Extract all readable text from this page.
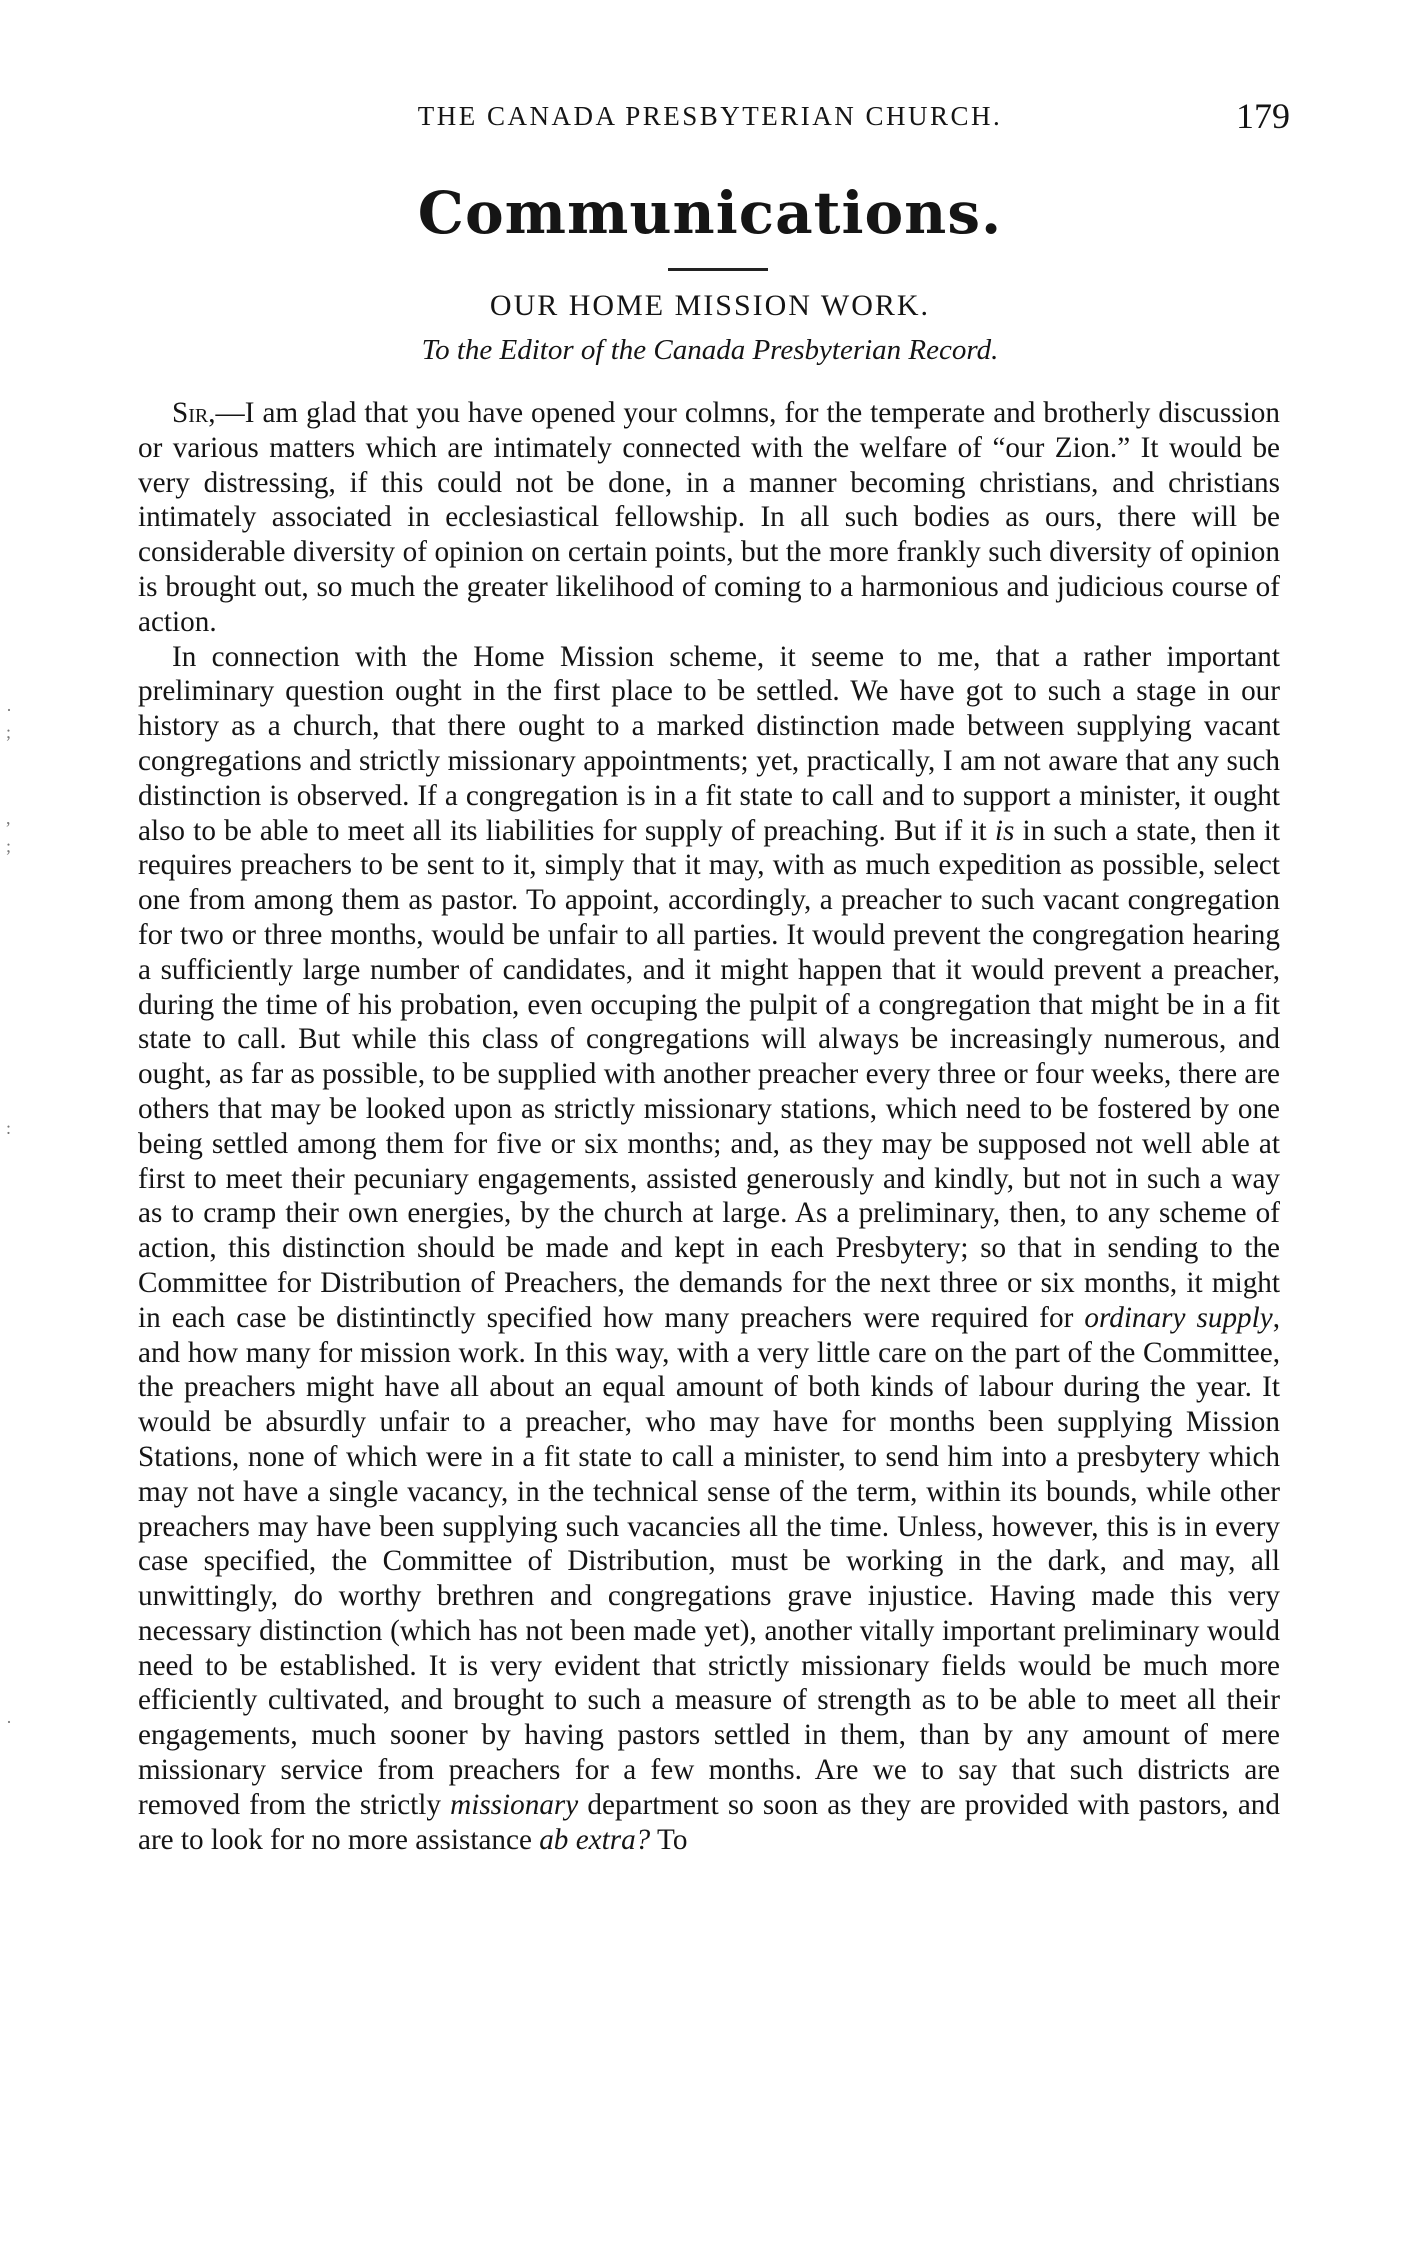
·
;
,
;
:
·
THE CANADA PRESBYTERIAN CHURCH.	179
Communications.
OUR HOME MISSION WORK.
To the Editor of the Canada Presbyterian Record.

Sir,—I am glad that you have opened your colmns, for the temperate and brotherly discussion or various matters which are intimately connected with the welfare of “our Zion.” It would be very distressing, if this could not be done, in a manner becoming christians, and christians intimately associated in ecclesiastical fellowship. In all such bodies as ours, there will be considerable diversity of opinion on certain points, but the more frankly such diversity of opinion is brought out, so much the greater likelihood of coming to a harmonious and judicious course of action.

In connection with the Home Mission scheme, it seeme to me, that a rather important preliminary question ought in the first place to be settled. We have got to such a stage in our history as a church, that there ought to a marked distinction made between supplying vacant congregations and strictly missionary appointments; yet, practically, I am not aware that any such distinction is observed. If a congregation is in a fit state to call and to support a minister, it ought also to be able to meet all its liabilities for supply of preaching. But if it is in such a state, then it requires preachers to be sent to it, simply that it may, with as much expedition as possible, select one from among them as pastor. To appoint, accordingly, a preacher to such vacant congregation for two or three months, would be unfair to all parties. It would prevent the congregation hearing a sufficiently large number of candidates, and it might happen that it would prevent a preacher, during the time of his probation, even occuping the pulpit of a congregation that might be in a fit state to call. But while this class of congregations will always be increasingly numerous, and ought, as far as possible, to be supplied with another preacher every three or four weeks, there are others that may be looked upon as strictly missionary stations, which need to be fostered by one being settled among them for five or six months; and, as they may be supposed not well able at first to meet their pecuniary engagements, assisted generously and kindly, but not in such a way as to cramp their own energies, by the church at large. As a preliminary, then, to any scheme of action, this distinction should be made and kept in each Presbytery; so that in sending to the Committee for Distribution of Preachers, the demands for the next three or six months, it might in each case be distintinctly specified how many preachers were required for ordinary supply, and how many for mission work. In this way, with a very little care on the part of the Committee, the preachers might have all about an equal amount of both kinds of labour during the year. It would be absurdly unfair to a preacher, who may have for months been supplying Mission Stations, none of which were in a fit state to call a minister, to send him into a presbytery which may not have a single vacancy, in the technical sense of the term, within its bounds, while other preachers may have been supplying such vacancies all the time. Unless, however, this is in every case specified, the Committee of Distribution, must be working in the dark, and may, all unwittingly, do worthy brethren and congregations grave injustice. Having made this very necessary distinction (which has not been made yet), another vitally important preliminary would need to be established. It is very evident that strictly missionary fields would be much more efficiently cultivated, and brought to such a measure of strength as to be able to meet all their engagements, much sooner by having pastors settled in them, than by any amount of mere missionary service from preachers for a few months. Are we to say that such districts are removed from the strictly missionary department so soon as they are provided with pastors, and are to look for no more assistance ab extra? To
